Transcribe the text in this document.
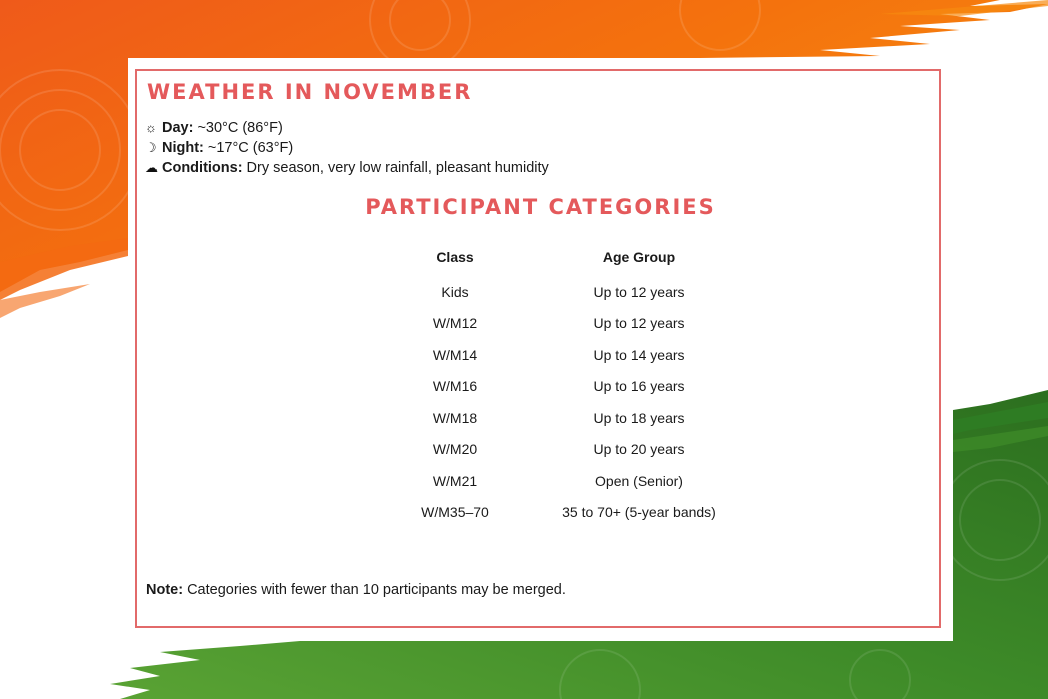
WEATHER IN NOVEMBER
☼ Day: ~30°C (86°F)
☽ Night: ~17°C (63°F)
☁ Conditions: Dry season, very low rainfall, pleasant humidity
PARTICIPANT CATEGORIES
Class	Age Group
Kids	Up to 12 years
W/M12	Up to 12 years
W/M14	Up to 14 years
W/M16	Up to 16 years
W/M18	Up to 18 years
W/M20	Up to 20 years
W/M21	Open (Senior)
W/M35–70	35 to 70+ (5-year bands)
Note: Categories with fewer than 10 participants may be merged.
